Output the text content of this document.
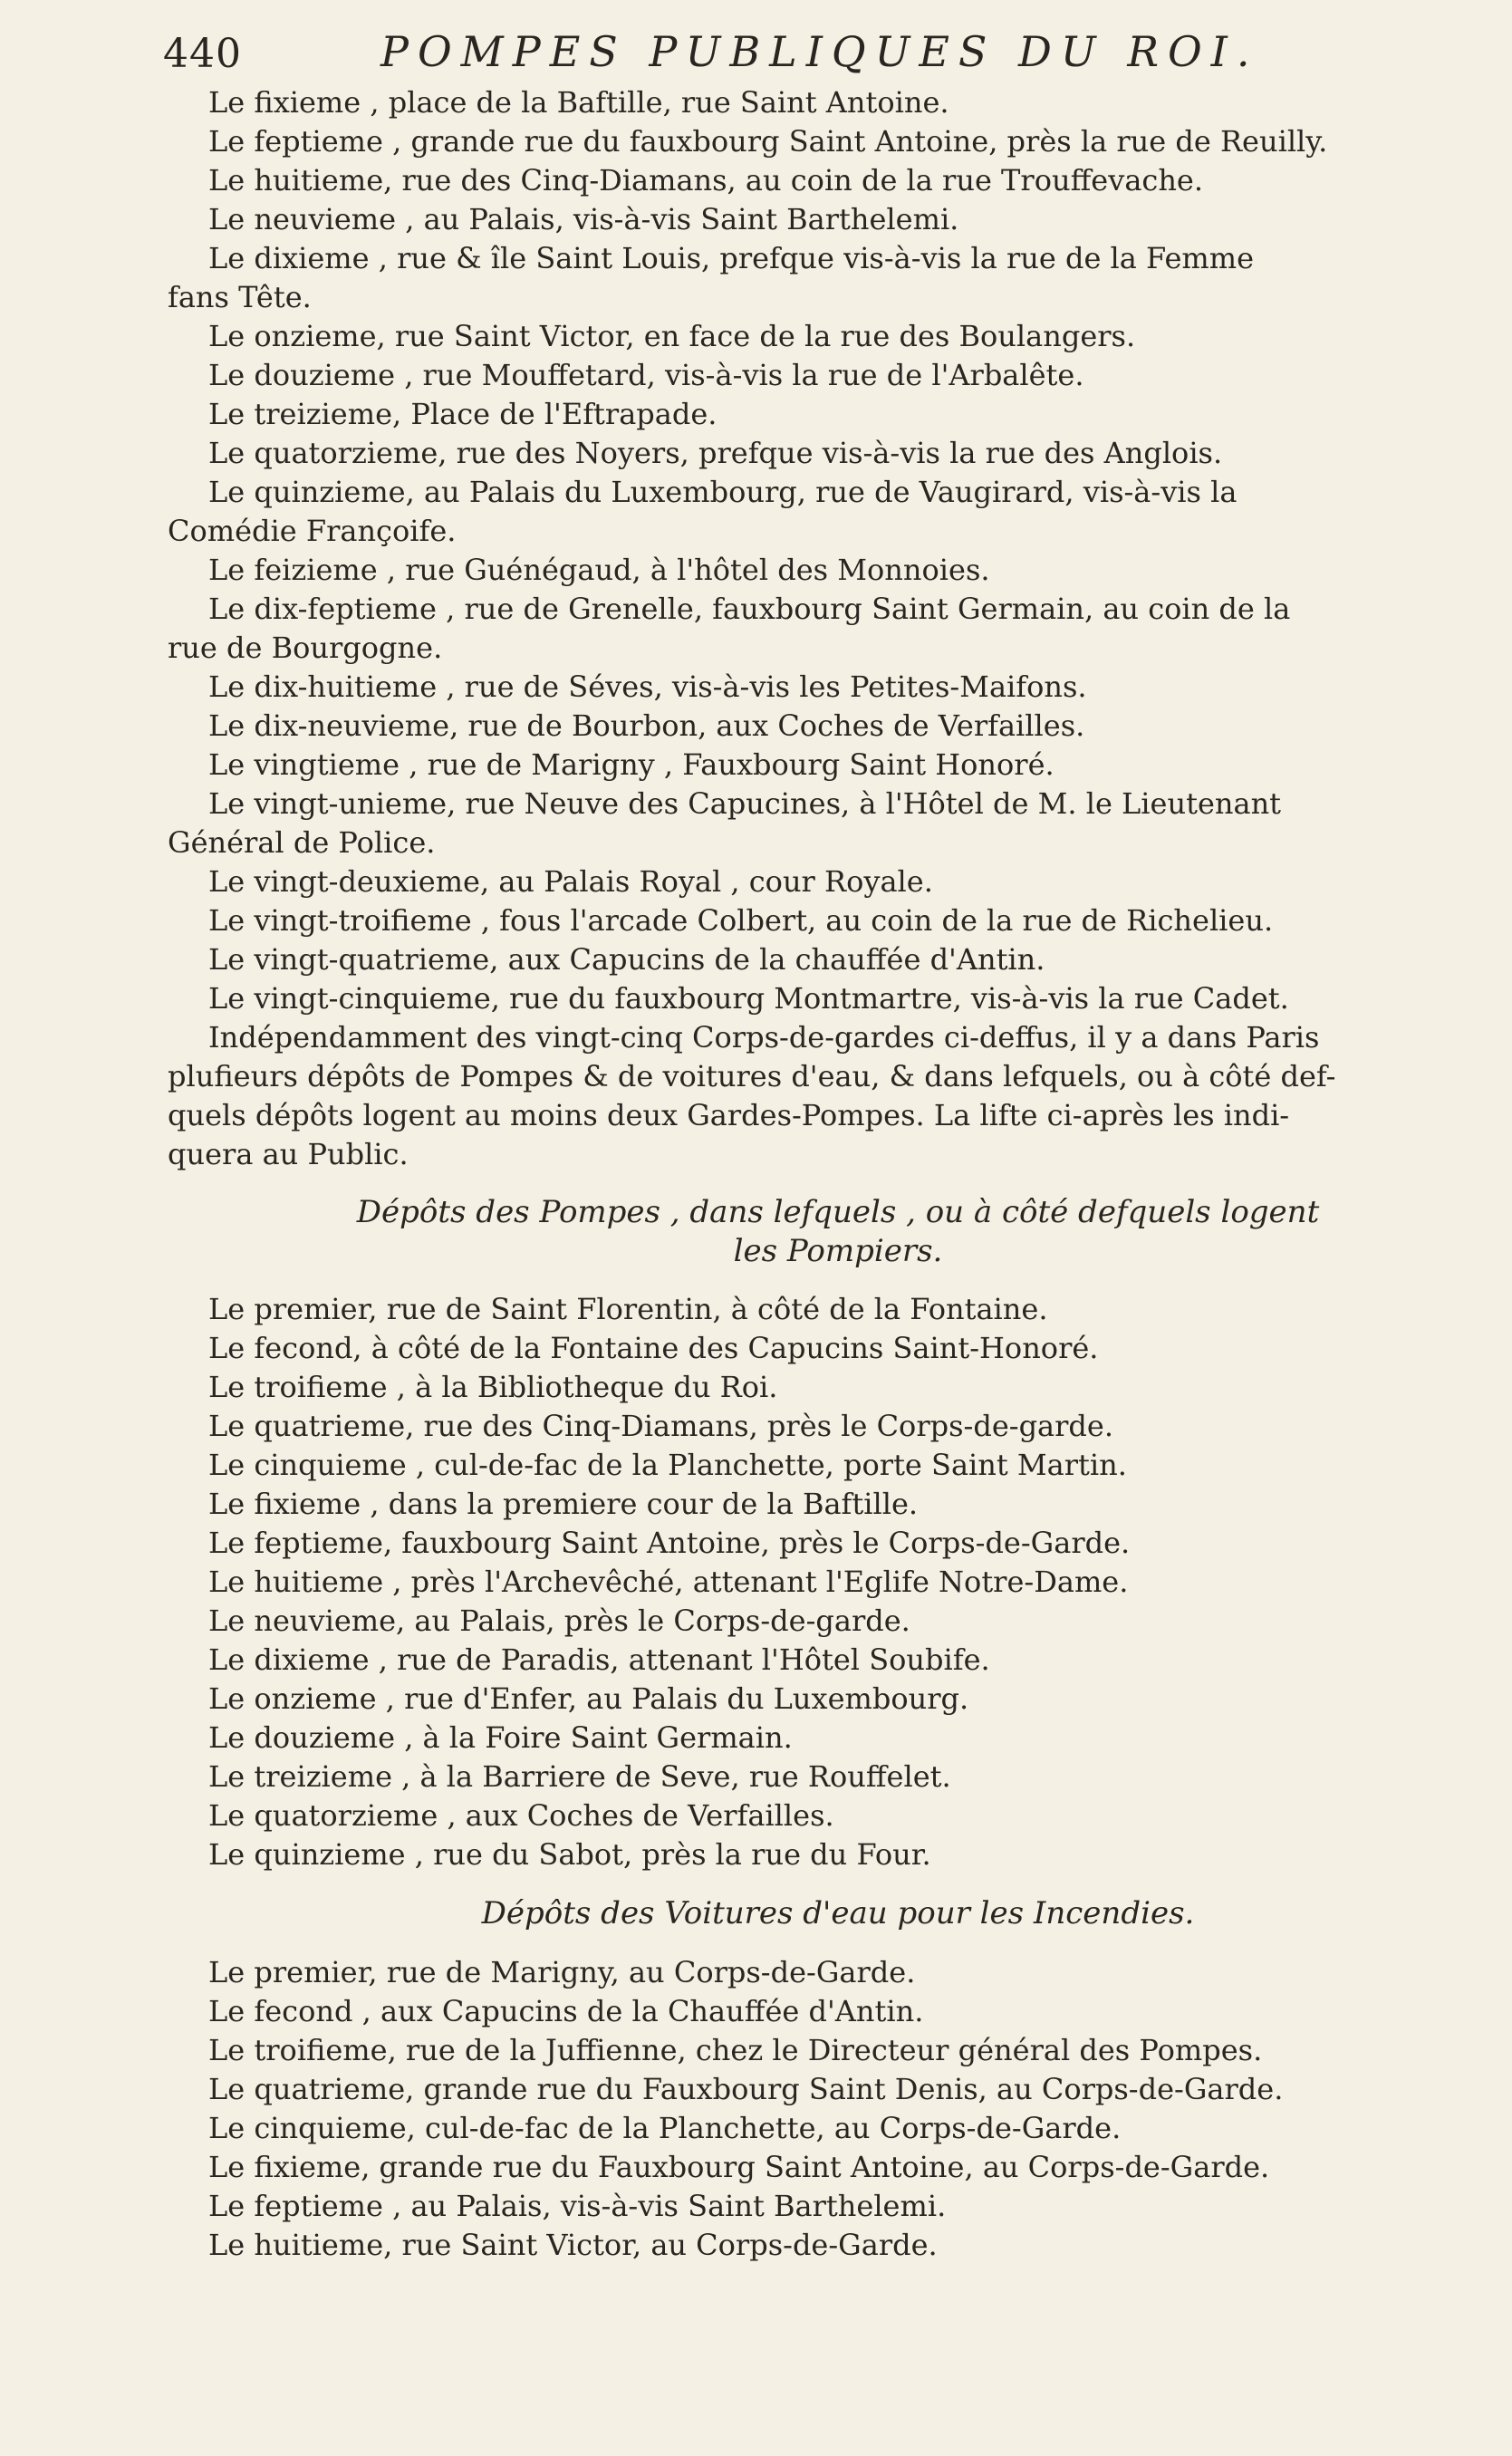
440	POMPES PUBLIQUES DU ROI.
Le fixieme , place de la Baftille, rue Saint Antoine.
Le feptieme , grande rue du fauxbourg Saint Antoine, près la rue de Reuilly.
Le huitieme, rue des Cinq-Diamans, au coin de la rue Trouffevache.
Le neuvieme , au Palais, vis-à-vis Saint Barthelemi.
Le dixieme , rue & île Saint Louis, prefque vis-à-vis la rue de la Femme
fans Tête.
Le onzieme, rue Saint Victor, en face de la rue des Boulangers.
Le douzieme , rue Mouffetard, vis-à-vis la rue de l'Arbalête.
Le treizieme, Place de l'Eftrapade.
Le quatorzieme, rue des Noyers, prefque vis-à-vis la rue des Anglois.
Le quinzieme, au Palais du Luxembourg, rue de Vaugirard, vis-à-vis la
Comédie Françoife.
Le feizieme , rue Guénégaud, à l'hôtel des Monnoies.
Le dix-feptieme , rue de Grenelle, fauxbourg Saint Germain, au coin de la
rue de Bourgogne.
Le dix-huitieme , rue de Séves, vis-à-vis les Petites-Maifons.
Le dix-neuvieme, rue de Bourbon, aux Coches de Verfailles.
Le vingtieme , rue de Marigny , Fauxbourg Saint Honoré.
Le vingt-unieme, rue Neuve des Capucines, à l'Hôtel de M. le Lieutenant
Général de Police.
Le vingt-deuxieme, au Palais Royal , cour Royale.
Le vingt-troifieme , fous l'arcade Colbert, au coin de la rue de Richelieu.
Le vingt-quatrieme, aux Capucins de la chauffée d'Antin.
Le vingt-cinquieme, rue du fauxbourg Montmartre, vis-à-vis la rue Cadet.
Indépendamment des vingt-cinq Corps-de-gardes ci-deffus, il y a dans Paris
plufieurs dépôts de Pompes & de voitures d'eau, & dans lefquels, ou à côté def-
quels dépôts logent au moins deux Gardes-Pompes. La lifte ci-après les indi-
quera au Public.
Dépôts des Pompes , dans lefquels , ou à côté defquels logent
les Pompiers.
Le premier, rue de Saint Florentin, à côté de la Fontaine.
Le fecond, à côté de la Fontaine des Capucins Saint-Honoré.
Le troifieme , à la Bibliotheque du Roi.
Le quatrieme, rue des Cinq-Diamans, près le Corps-de-garde.
Le cinquieme , cul-de-fac de la Planchette, porte Saint Martin.
Le fixieme , dans la premiere cour de la Baftille.
Le feptieme, fauxbourg Saint Antoine, près le Corps-de-Garde.
Le huitieme , près l'Archevêché, attenant l'Eglife Notre-Dame.
Le neuvieme, au Palais, près le Corps-de-garde.
Le dixieme , rue de Paradis, attenant l'Hôtel Soubife.
Le onzieme , rue d'Enfer, au Palais du Luxembourg.
Le douzieme , à la Foire Saint Germain.
Le treizieme , à la Barriere de Seve, rue Rouffelet.
Le quatorzieme , aux Coches de Verfailles.
Le quinzieme , rue du Sabot, près la rue du Four.
Dépôts des Voitures d'eau pour les Incendies.
Le premier, rue de Marigny, au Corps-de-Garde.
Le fecond , aux Capucins de la Chauffée d'Antin.
Le troifieme, rue de la Juffienne, chez le Directeur général des Pompes.
Le quatrieme, grande rue du Fauxbourg Saint Denis, au Corps-de-Garde.
Le cinquieme, cul-de-fac de la Planchette, au Corps-de-Garde.
Le fixieme, grande rue du Fauxbourg Saint Antoine, au Corps-de-Garde.
Le feptieme , au Palais, vis-à-vis Saint Barthelemi.
Le huitieme, rue Saint Victor, au Corps-de-Garde.
